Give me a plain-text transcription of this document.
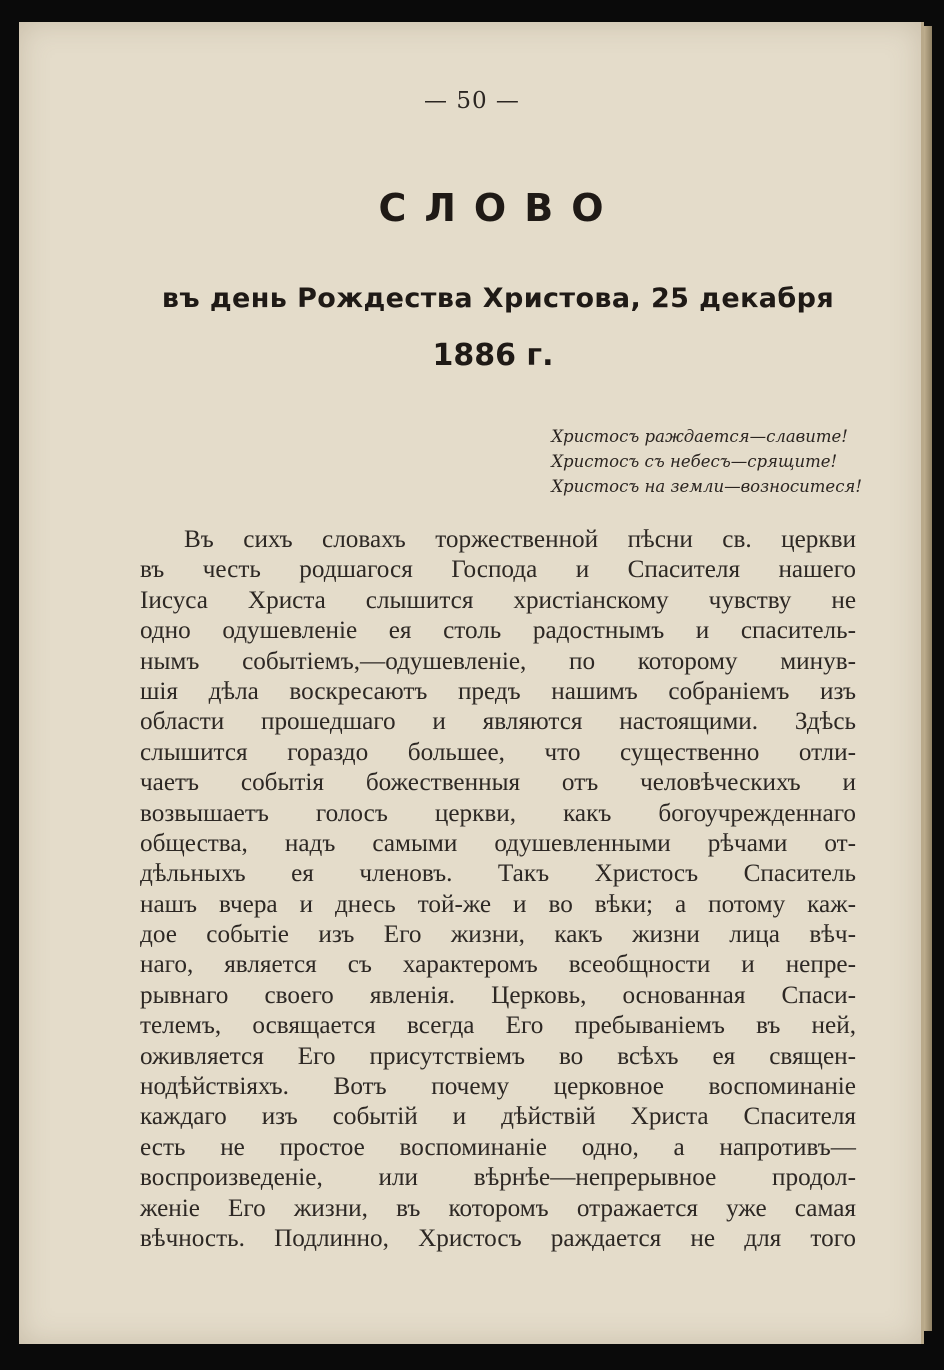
— 50 —
СЛОВО
въ день Рождества Христова, 25 декабря
1886 г.
Христосъ раждается—славите!
Христосъ съ небесъ—срящите!
Христосъ на земли—возноситеся!
Въ сихъ словахъ торжественной пѣсни св. церкви
въ честь родшагося Господа и Спасителя нашего
Іисуса Христа слышится христіанскому чувству не
одно одушевленіе ея столь радостнымъ и спаситель-
нымъ событіемъ,—одушевленіе, по которому минув-
шія дѣла воскресаютъ предъ нашимъ собраніемъ изъ
области прошедшаго и являются настоящими. Здѣсь
слышится гораздо большее, что существенно отли-
чаетъ событія божественныя отъ человѣческихъ и
возвышаетъ голосъ церкви, какъ богоучрежденнаго
общества, надъ самыми одушевленными рѣчами от-
дѣльныхъ ея членовъ. Такъ Христосъ Спаситель
нашъ вчера и днесь той-же и во вѣки; а потому каж-
дое событіе изъ Его жизни, какъ жизни лица вѣч-
наго, является съ характеромъ всеобщности и непре-
рывнаго своего явленія. Церковь, основанная Спаси-
телемъ, освящается всегда Его пребываніемъ въ ней,
оживляется Его присутствіемъ во всѣхъ ея священ-
нодѣйствіяхъ. Вотъ почему церковное воспоминаніе
каждаго изъ событій и дѣйствій Христа Спасителя
есть не простое воспоминаніе одно, а напротивъ—
воспроизведеніе, или вѣрнѣе—непрерывное продол-
женіе Его жизни, въ которомъ отражается уже самая
вѣчность. Подлинно, Христосъ раждается не для того
